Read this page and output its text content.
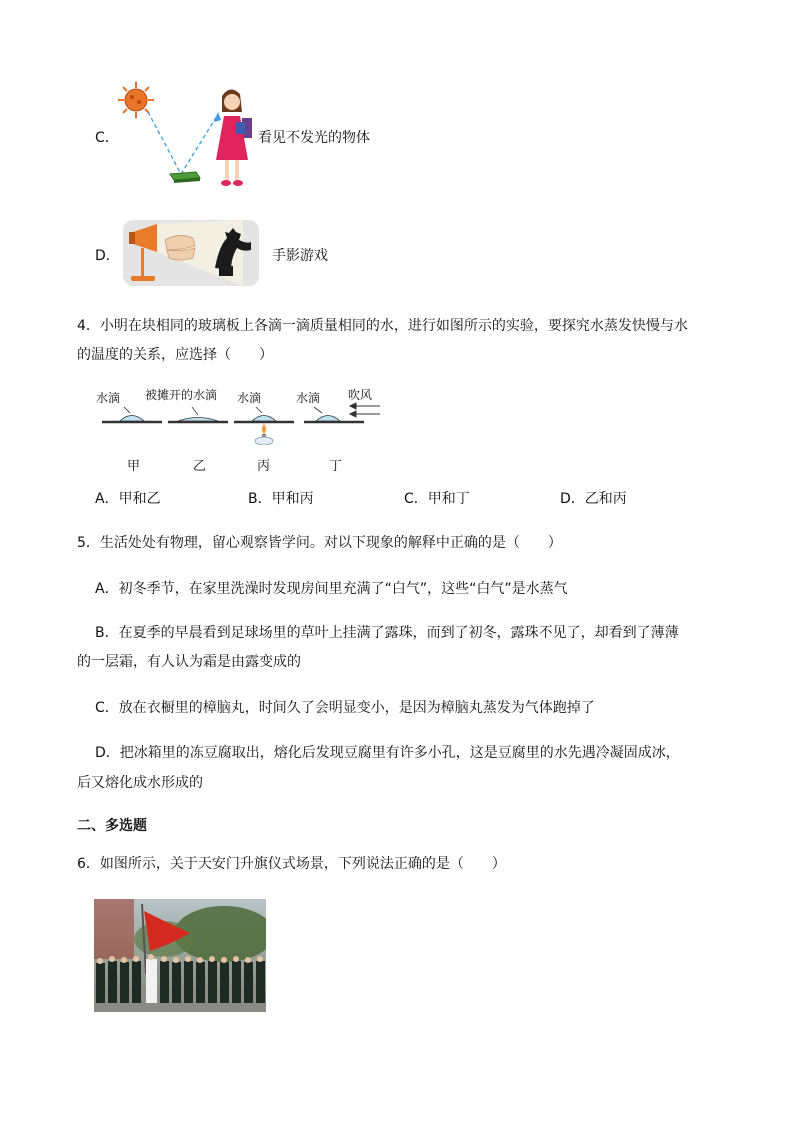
C．	看见不发光的物体
D．	手影游戏
4．小明在块相同的玻璃板上各滴一滴质量相同的水，进行如图所示的实验，要探究水蒸发快慢与水
的温度的关系，应选择（　　）
水滴 被摊开的水滴 水滴	水滴 吹风
甲	乙	丙	丁
A．甲和乙	B．甲和丙	C．甲和丁	D．乙和丙
5．生活处处有物理，留心观察皆学问。对以下现象的解释中正确的是（　　）
A．初冬季节，在家里洗澡时发现房间里充满了“白气”，这些“白气”是水蒸气
B．在夏季的早晨看到足球场里的草叶上挂满了露珠，而到了初冬，露珠不见了，却看到了薄薄
的一层霜，有人认为霜是由露变成的
C．放在衣橱里的樟脑丸，时间久了会明显变小，是因为樟脑丸蒸发为气体跑掉了
D．把冰箱里的冻豆腐取出，熔化后发现豆腐里有许多小孔，这是豆腐里的水先遇冷凝固成冰，
后又熔化成水形成的
二、多选题
6．如图所示，关于天安门升旗仪式场景，下列说法正确的是（　　）
